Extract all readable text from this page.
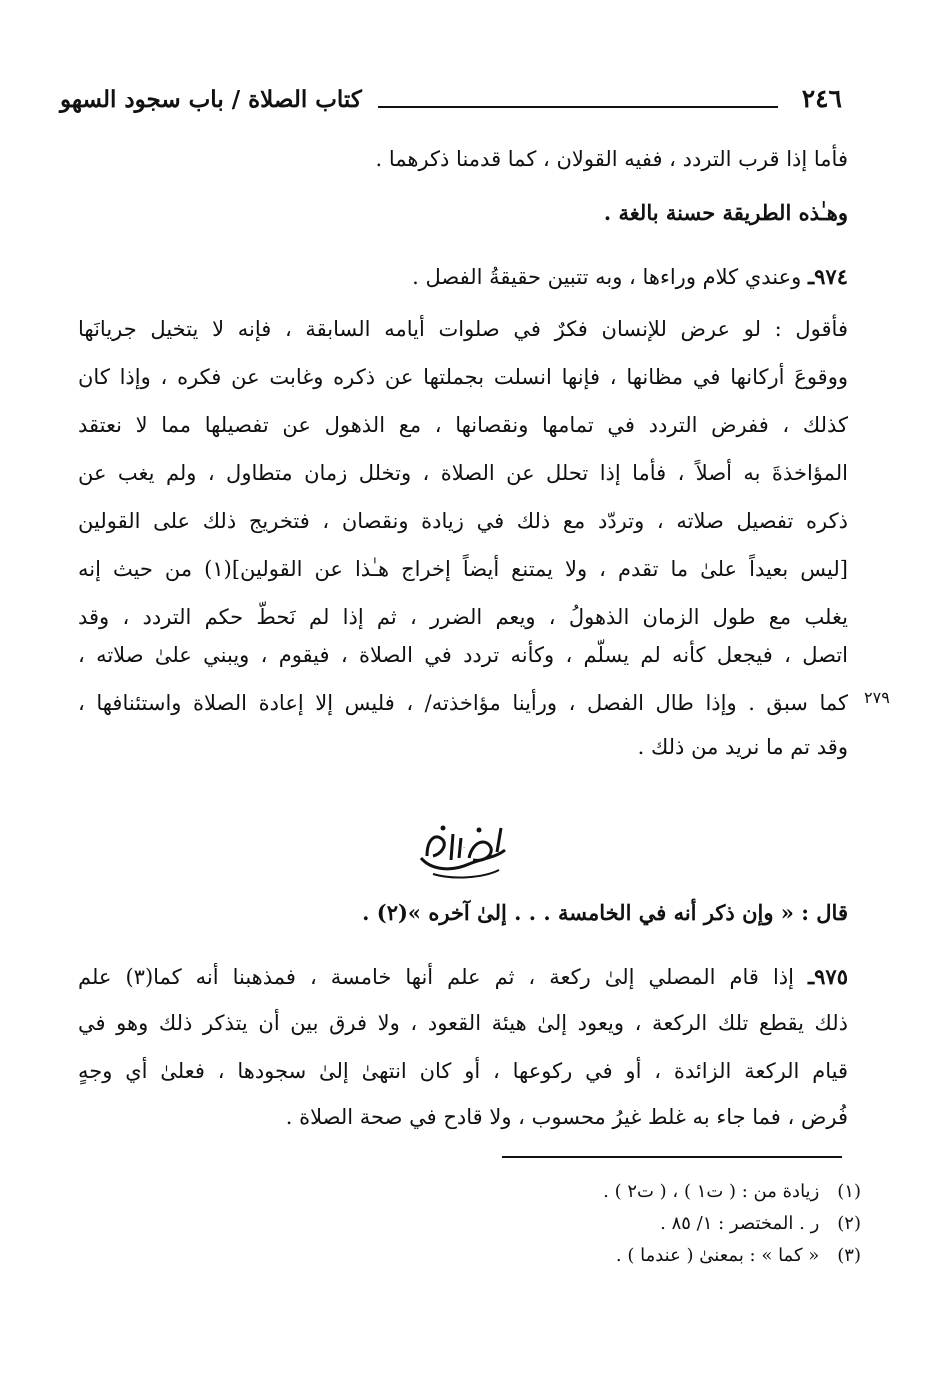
٢٤٦
كتاب الصلاة / باب سجود السهو
فأما إذا قرب التردد ، ففيه القولان ، كما قدمنا ذكرهما .
وهـٰذه الطريقة حسنة بالغة .
٩٧٤ـ وعندي كلام وراءها ، وبه تتبين حقيقةُ الفصل .
فأقول : لو عرض للإنسان فكرٌ في صلوات أيامه السابقة ، فإنه لا يتخيل جريانَها
ووقوعَ أركانها في مظانها ، فإنها انسلت بجملتها عن ذكره وغابت عن فكره ، وإذا كان
كذلك ، ففرض التردد في تمامها ونقصانها ، مع الذهول عن تفصيلها مما لا نعتقد
المؤاخذةَ به أصلاً ، فأما إذا تحلل عن الصلاة ، وتخلل زمان متطاول ، ولم يغب عن
ذكره تفصيل صلاته ، وتردّد مع ذلك في زيادة ونقصان ، فتخريج ذلك على القولين
[ليس بعيداً علىٰ ما تقدم ، ولا يمتنع أيضاً إخراج هـٰذا عن القولين](١) من حيث إنه
يغلب مع طول الزمان الذهولُ ، ويعم الضرر ، ثم إذا لم نَحطّ حكم التردد ، وقد
اتصل ، فيجعل كأنه لم يسلّم ، وكأنه تردد في الصلاة ، فيقوم ، ويبني علىٰ صلاته ،
كما سبق . وإذا طال الفصل ، ورأينا مؤاخذته/ ، فليس إلا إعادة الصلاة واستئنافها ،
وقد تم ما نريد من ذلك .
٢٧٩
فَصْلٌ
قال : « وإن ذكر أنه في الخامسة . . . إلىٰ آخره »(٢) .
٩٧٥ـ إذا قام المصلي إلىٰ ركعة ، ثم علم أنها خامسة ، فمذهبنا أنه كما(٣) علم
ذلك يقطع تلك الركعة ، ويعود إلىٰ هيئة القعود ، ولا فرق بين أن يتذكر ذلك وهو في
قيام الركعة الزائدة ، أو في ركوعها ، أو كان انتهىٰ إلىٰ سجودها ، فعلىٰ أي وجهٍ
فُرض ، فما جاء به غلط غيرُ محسوب ، ولا قادح في صحة الصلاة .
(١) زيادة من : ( ت١ ) ، ( ت٢ ) .
(٢) ر . المختصر : ١/ ٨٥ .
(٣) « كما » : بمعنىٰ ( عندما ) .
